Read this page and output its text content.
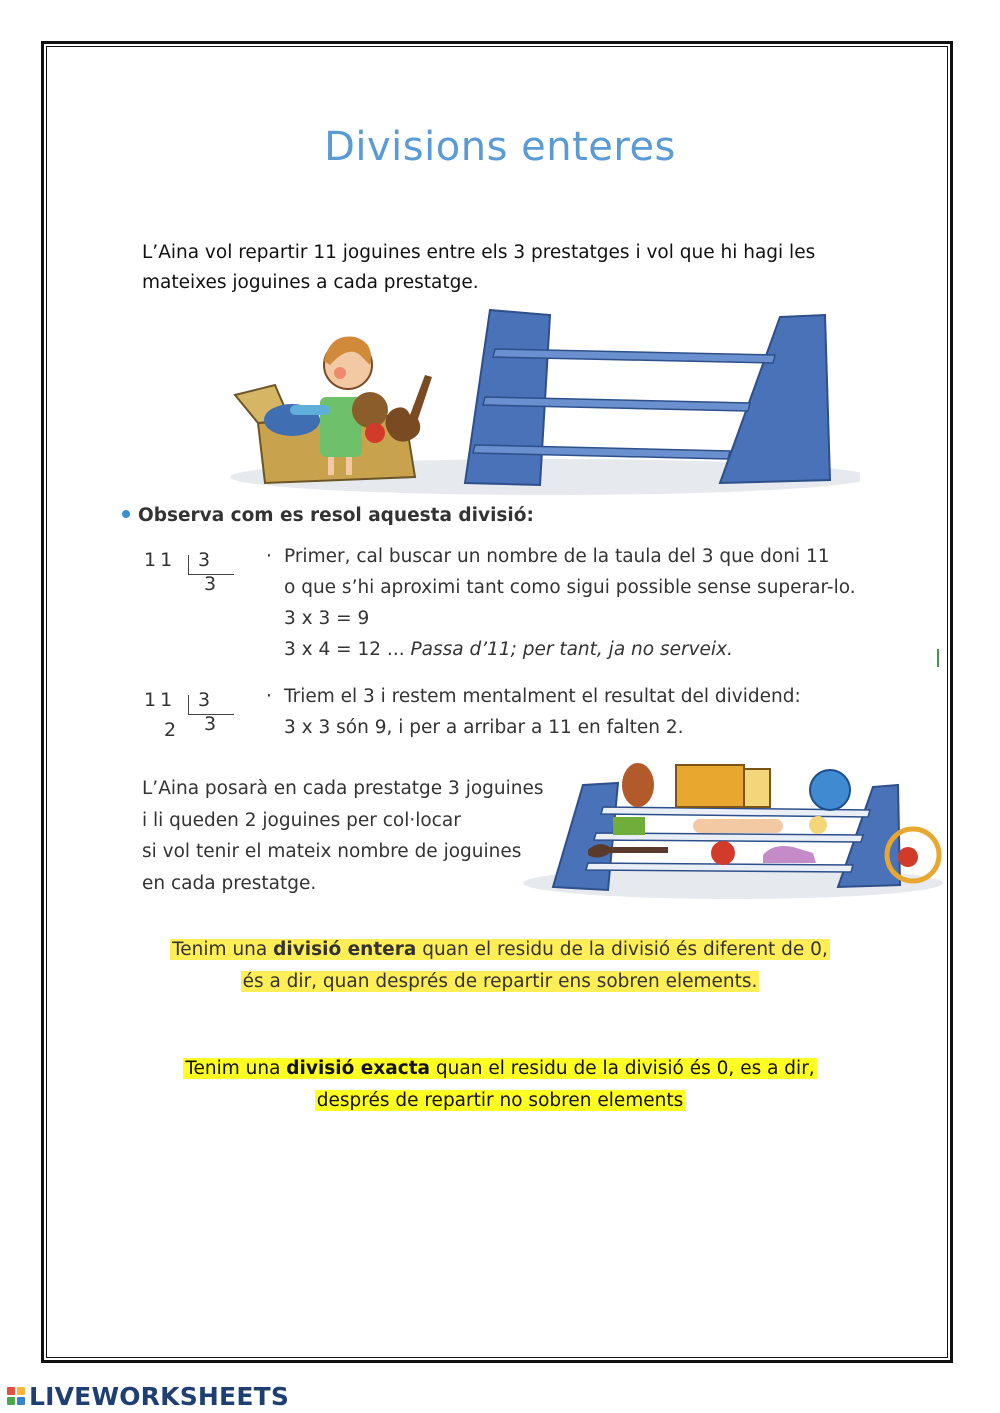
Divisions enteres
L’Aina vol repartir 11 joguines entre els 3 prestatges i vol que hi hagi les
mateixes joguines a cada prestatge.
Observa com es resol aquesta divisió:
11	3
3
· Primer, cal buscar un nombre de la taula del 3 que doni 11
o que s’hi aproximi tant como sigui possible sense superar-lo.
3 x 3 = 9
3 x 4 = 12 ... Passa d’11; per tant, ja no serveix.
11	3
3
2
· Triem el 3 i restem mentalment el resultat del dividend:
3 x 3 són 9, i per a arribar a 11 en falten 2.
L’Aina posarà en cada prestatge 3 joguines
i li queden 2 joguines per col·locar
si vol tenir el mateix nombre de joguines
en cada prestatge.
Tenim una divisió entera quan el residu de la divisió és diferent de 0,
és a dir, quan després de repartir ens sobren elements.
Tenim una divisió exacta quan el residu de la divisió és 0, es a dir,
després de repartir no sobren elements
LIVEWORKSHEETS
